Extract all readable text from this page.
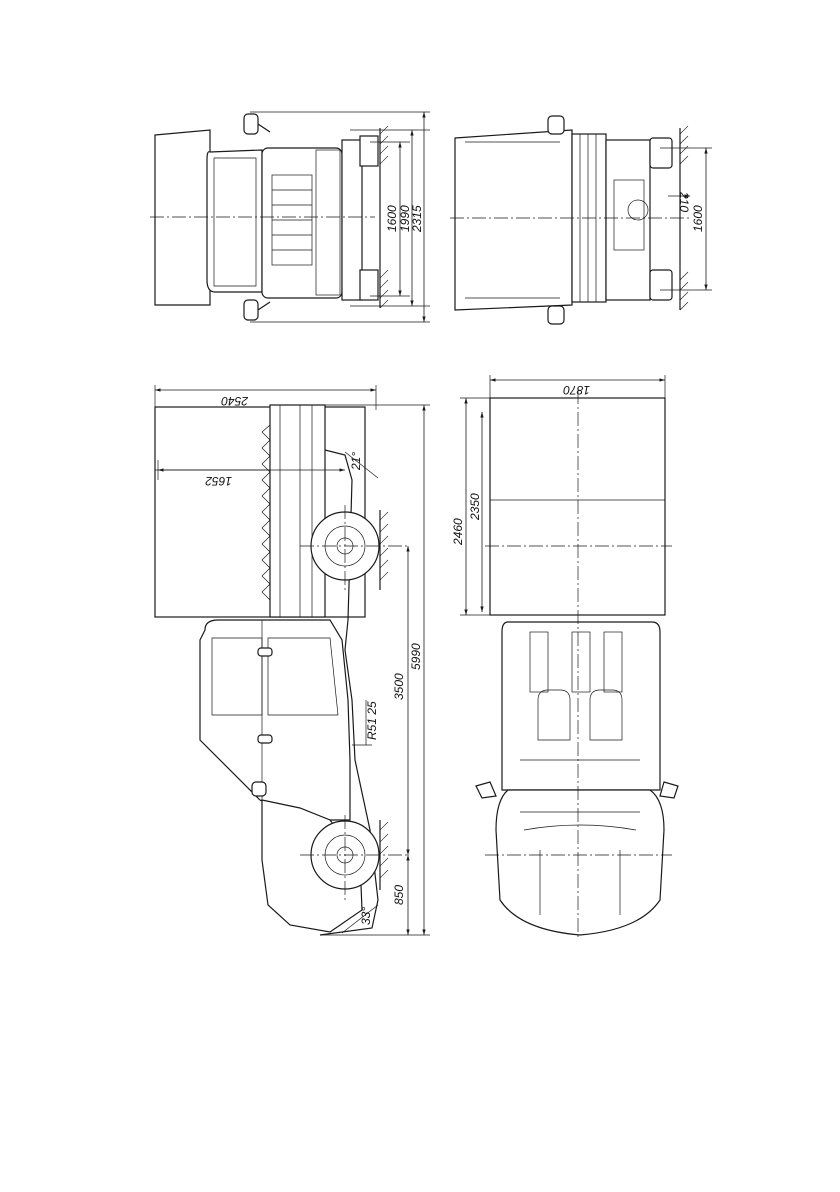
1600 1990
2315
210
1600
2540
1652
21°
3500
5990
R51 25
850
33°
1870
2460
2350
